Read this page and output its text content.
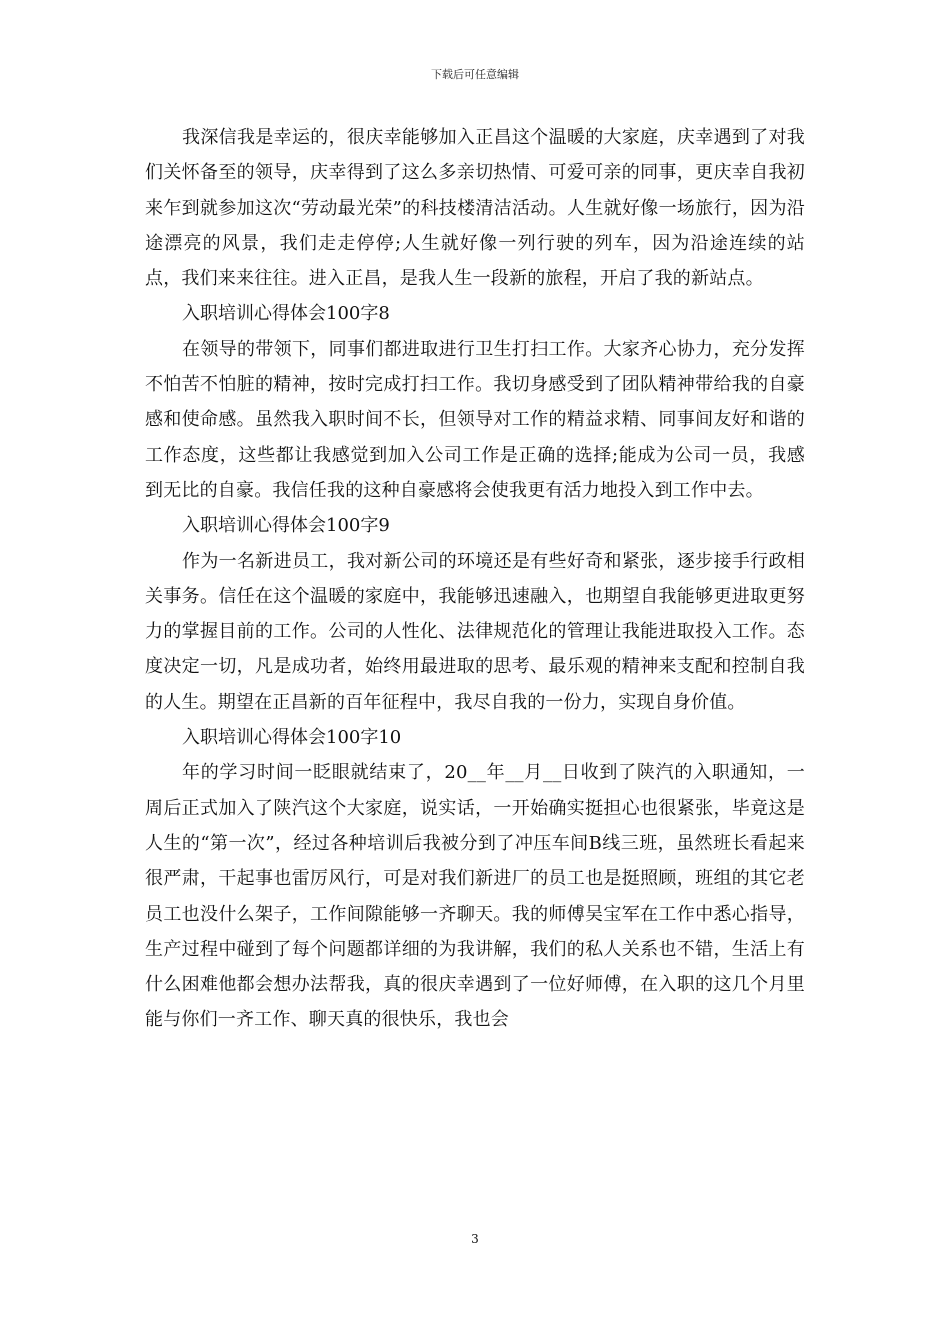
下载后可任意编辑

我深信我是幸运的，很庆幸能够加入正昌这个温暖的大家庭，庆幸遇到了对我们关怀备至的领导，庆幸得到了这么多亲切热情、可爱可亲的同事，更庆幸自我初来乍到就参加这次“劳动最光荣”的科技楼清洁活动。人生就好像一场旅行，因为沿途漂亮的风景，我们走走停停;人生就好像一列行驶的列车，因为沿途连续的站点，我们来来往往。进入正昌，是我人生一段新的旅程，开启了我的新站点。

入职培训心得体会100字8

在领导的带领下，同事们都进取进行卫生打扫工作。大家齐心协力，充分发挥不怕苦不怕脏的精神，按时完成打扫工作。我切身感受到了团队精神带给我的自豪感和使命感。虽然我入职时间不长，但领导对工作的精益求精、同事间友好和谐的工作态度，这些都让我感觉到加入公司工作是正确的选择;能成为公司一员，我感到无比的自豪。我信任我的这种自豪感将会使我更有活力地投入到工作中去。

入职培训心得体会100字9

作为一名新进员工，我对新公司的环境还是有些好奇和紧张，逐步接手行政相关事务。信任在这个温暖的家庭中，我能够迅速融入，也期望自我能够更进取更努力的掌握目前的工作。公司的人性化、法律规范化的管理让我能进取投入工作。态度决定一切，凡是成功者，始终用最进取的思考、最乐观的精神来支配和控制自我的人生。期望在正昌新的百年征程中，我尽自我的一份力，实现自身价值。

入职培训心得体会100字10

年的学习时间一眨眼就结束了，20__年__月__日收到了陕汽的入职通知，一周后正式加入了陕汽这个大家庭，说实话，一开始确实挺担心也很紧张，毕竟这是人生的“第一次”，经过各种培训后我被分到了冲压车间B线三班，虽然班长看起来很严肃，干起事也雷厉风行，可是对我们新进厂的员工也是挺照顾，班组的其它老员工也没什么架子，工作间隙能够一齐聊天。我的师傅吴宝军在工作中悉心指导，生产过程中碰到了每个问题都详细的为我讲解，我们的私人关系也不错，生活上有什么困难他都会想办法帮我，真的很庆幸遇到了一位好师傅，在入职的这几个月里能与你们一齐工作、聊天真的很快乐，我也会

3
